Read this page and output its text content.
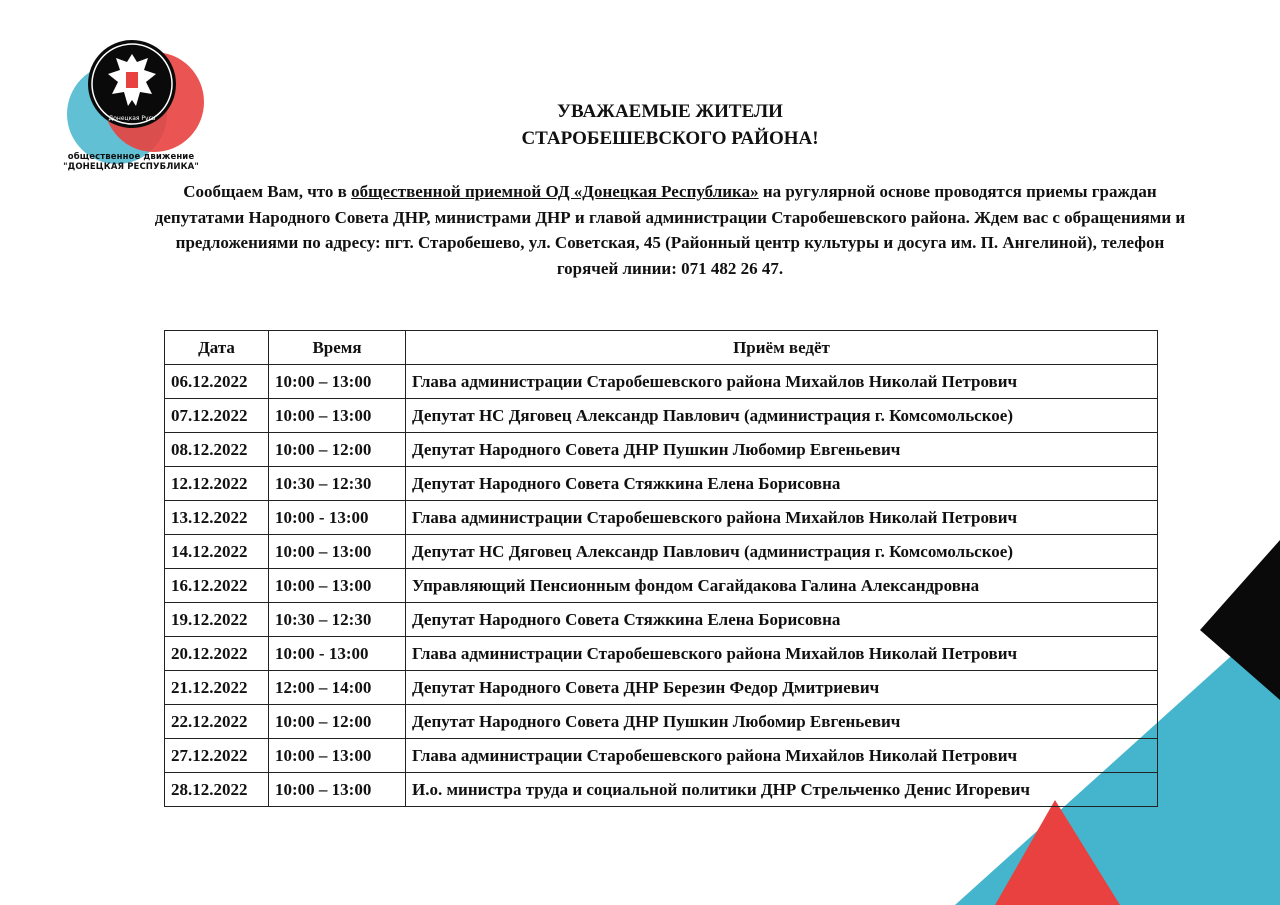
Донецкая Русь
общественное движение
"ДОНЕЦКАЯ РЕСПУБЛИКА"
УВАЖАЕМЫЕ ЖИТЕЛИ
СТАРОБЕШЕВСКОГО РАЙОНА!
Сообщаем Вам, что в общественной приемной ОД «Донецкая Республика» на ругулярной основе проводятся приемы граждан депутатами Народного Совета ДНР, министрами ДНР и главой администрации Старобешевского района. Ждем вас с обращениями и предложениями по адресу: пгт. Старобешево, ул. Советская, 45 (Районный центр культуры и досуга им. П. Ангелиной), телефон горячей линии: 071 482 26 47.
Дата	Время	Приём ведёт
06.12.2022	10:00 – 13:00	Глава администрации Старобешевского района Михайлов Николай Петрович
07.12.2022	10:00 – 13:00	Депутат НС Дяговец Александр Павлович (администрация г. Комсомольское)
08.12.2022	10:00 – 12:00	Депутат Народного Совета ДНР Пушкин Любомир Евгеньевич
12.12.2022	10:30 – 12:30	Депутат Народного Совета Стяжкина Елена Борисовна
13.12.2022	10:00 - 13:00	Глава администрации Старобешевского района Михайлов Николай Петрович
14.12.2022	10:00 – 13:00	Депутат НС Дяговец Александр Павлович (администрация г. Комсомольское)
16.12.2022	10:00 – 13:00	Управляющий Пенсионным фондом Сагайдакова Галина Александровна
19.12.2022	10:30 – 12:30	Депутат Народного Совета Стяжкина Елена Борисовна
20.12.2022	10:00 - 13:00	Глава администрации Старобешевского района Михайлов Николай Петрович
21.12.2022	12:00 – 14:00	Депутат Народного Совета ДНР Березин Федор Дмитриевич
22.12.2022	10:00 – 12:00	Депутат Народного Совета ДНР Пушкин Любомир Евгеньевич
27.12.2022	10:00 – 13:00	Глава администрации Старобешевского района Михайлов Николай Петрович
28.12.2022	10:00 – 13:00	И.о. министра труда и социальной политики ДНР Стрельченко Денис Игоревич
